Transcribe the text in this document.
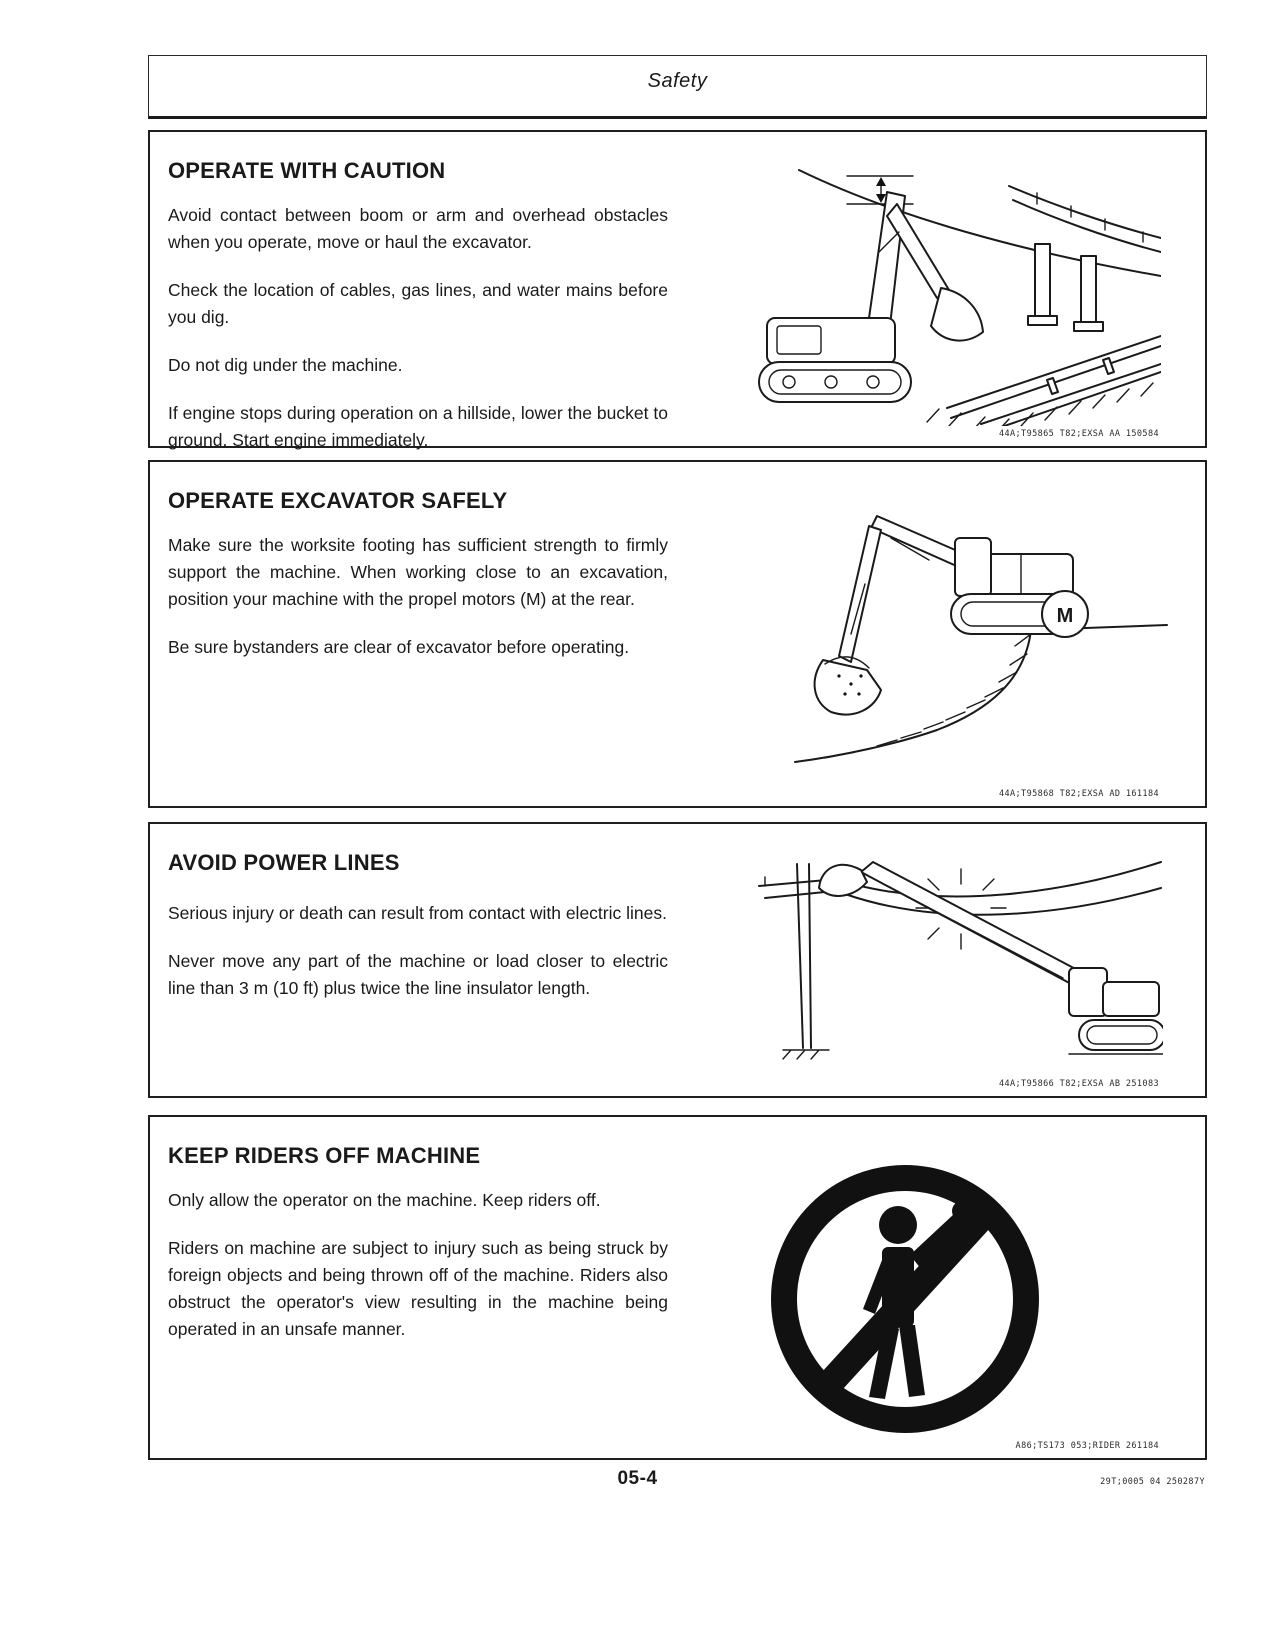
Safety
OPERATE WITH CAUTION

Avoid contact between boom or arm and overhead obstacles when you operate, move or haul the excavator.

Check the location of cables, gas lines, and water mains before you dig.

Do not dig under the machine.

If engine stops during operation on a hillside, lower the bucket to ground. Start engine immediately.	44A;T95865 T82;EXSA AA 150584
OPERATE EXCAVATOR SAFELY

Make sure the worksite footing has sufficient strength to firmly support the machine. When working close to an excavation, position your machine with the propel motors (M) at the rear.

Be sure bystanders are clear of excavator before operating.

M
44A;T95868 T82;EXSA AD 161184
AVOID POWER LINES

Serious injury or death can result from contact with electric lines.

Never move any part of the machine or load closer to electric line than 3 m (10 ft) plus twice the line insulator length.

44A;T95866 T82;EXSA AB 251083
KEEP RIDERS OFF MACHINE

Only allow the operator on the machine. Keep riders off.

Riders on machine are subject to injury such as being struck by foreign objects and being thrown off of the machine. Riders also obstruct the operator's view resulting in the machine being operated in an unsafe manner.

A86;TS173 053;RIDER 261184
05-4	29T;0005 04 250287Y
